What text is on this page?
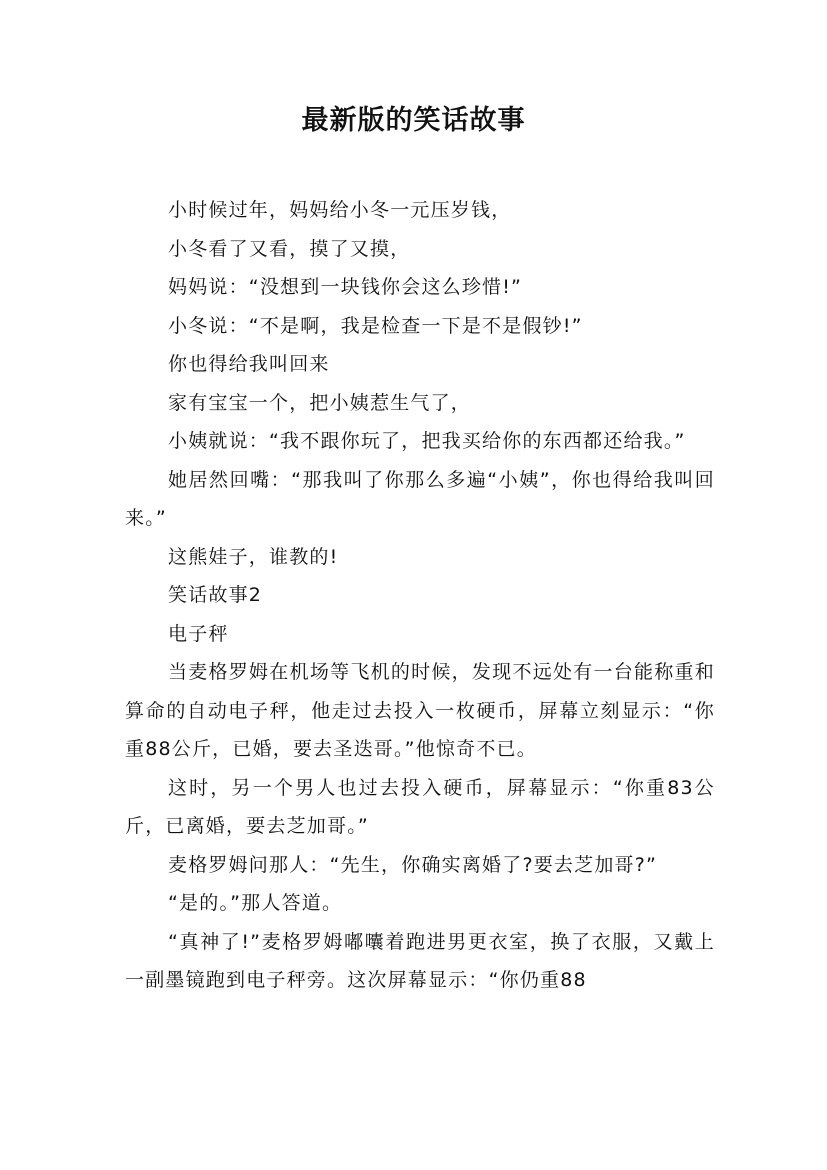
最新版的笑话故事

小时候过年，妈妈给小冬一元压岁钱，

小冬看了又看，摸了又摸，

妈妈说：“没想到一块钱你会这么珍惜!”

小冬说：“不是啊，我是检查一下是不是假钞!”

你也得给我叫回来

家有宝宝一个，把小姨惹生气了，

小姨就说：“我不跟你玩了，把我买给你的东西都还给我。”

她居然回嘴：“那我叫了你那么多遍“小姨”，你也得给我叫回来。”

这熊娃子，谁教的!

笑话故事2

电子秤

当麦格罗姆在机场等飞机的时候，发现不远处有一台能称重和算命的自动电子秤，他走过去投入一枚硬币，屏幕立刻显示：“你重88公斤，已婚，要去圣迭哥。”他惊奇不已。

这时，另一个男人也过去投入硬币，屏幕显示：“你重83公斤，已离婚，要去芝加哥。”

麦格罗姆问那人：“先生，你确实离婚了?要去芝加哥?”

“是的。”那人答道。

“真神了!”麦格罗姆嘟囔着跑进男更衣室，换了衣服，又戴上一副墨镜跑到电子秤旁。这次屏幕显示：“你仍重88
